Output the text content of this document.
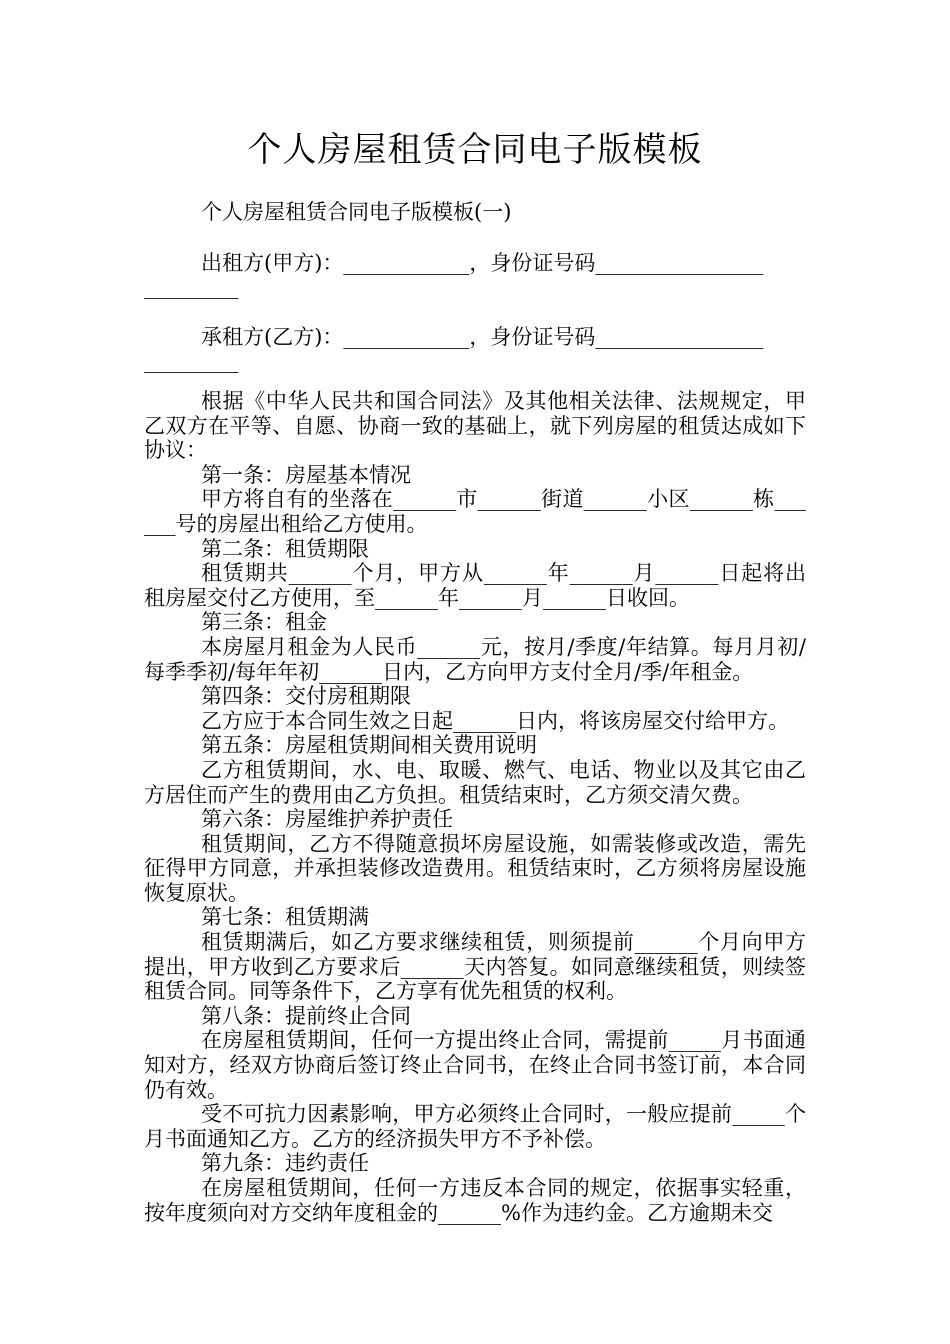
个人房屋租赁合同电子版模板

个人房屋租赁合同电子版模板(一)

出租方(甲方)：____________，身份证号码________________
_________

承租方(乙方)：____________，身份证号码________________
_________

根据《中华人民共和国合同法》及其他相关法律、法规规定，甲乙双方在平等、自愿、协商一致的基础上，就下列房屋的租赁达成如下协议：

第一条：房屋基本情况

甲方将自有的坐落在______市______街道______小区______栋______号的房屋出租给乙方使用。

第二条：租赁期限

租赁期共______个月，甲方从______年______月______日起将出租房屋交付乙方使用，至______年______月______日收回。

第三条：租金

本房屋月租金为人民币______元，按月/季度/年结算。每月月初/每季季初/每年年初______日内，乙方向甲方支付全月/季/年租金。

第四条：交付房租期限

乙方应于本合同生效之日起______日内，将该房屋交付给甲方。

第五条：房屋租赁期间相关费用说明

乙方租赁期间，水、电、取暖、燃气、电话、物业以及其它由乙方居住而产生的费用由乙方负担。租赁结束时，乙方须交清欠费。

第六条：房屋维护养护责任

租赁期间，乙方不得随意损坏房屋设施，如需装修或改造，需先征得甲方同意，并承担装修改造费用。租赁结束时，乙方须将房屋设施恢复原状。

第七条：租赁期满

租赁期满后，如乙方要求继续租赁，则须提前______个月向甲方提出，甲方收到乙方要求后______天内答复。如同意继续租赁，则续签租赁合同。同等条件下，乙方享有优先租赁的权利。

第八条：提前终止合同

在房屋租赁期间，任何一方提出终止合同，需提前_____月书面通知对方，经双方协商后签订终止合同书，在终止合同书签订前，本合同仍有效。

受不可抗力因素影响，甲方必须终止合同时，一般应提前_____个月书面通知乙方。乙方的经济损失甲方不予补偿。

第九条：违约责任

在房屋租赁期间，任何一方违反本合同的规定，依据事实轻重，按年度须向对方交纳年度租金的______%作为违约金。乙方逾期未交
